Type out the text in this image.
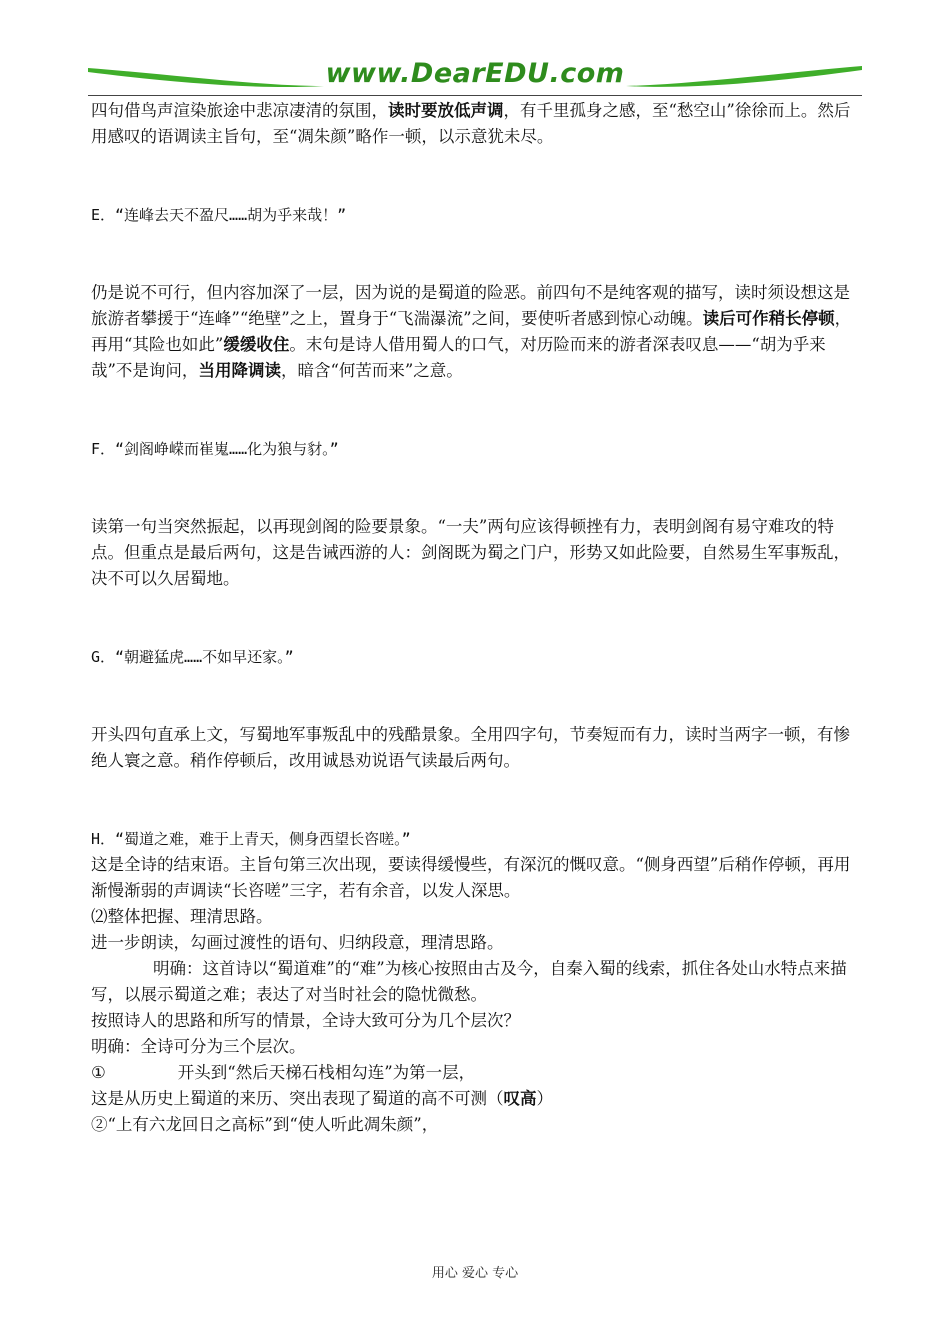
www.DearEDU.com

四句借鸟声渲染旅途中悲凉凄清的氛围，读时要放低声调，有千里孤身之感，至“愁空山”徐徐而上。然后用感叹的语调读主旨句，至“凋朱颜”略作一顿，以示意犹未尽。

E．“连峰去天不盈尺……胡为乎来哉！”

仍是说不可行，但内容加深了一层，因为说的是蜀道的险恶。前四句不是纯客观的描写，读时须设想这是旅游者攀援于“连峰”“绝壁”之上，置身于“飞湍瀑流”之间，要使听者感到惊心动魄。读后可作稍长停顿，再用“其险也如此”缓缓收住。末句是诗人借用蜀人的口气，对历险而来的游者深表叹息——“胡为乎来哉”不是询问，当用降调读，暗含“何苦而来”之意。

F．“剑阁峥嵘而崔嵬……化为狼与豺。”

读第一句当突然振起，以再现剑阁的险要景象。“一夫”两句应该得顿挫有力，表明剑阁有易守难攻的特点。但重点是最后两句，这是告诫西游的人：剑阁既为蜀之门户，形势又如此险要，自然易生军事叛乱，决不可以久居蜀地。

G．“朝避猛虎……不如早还家。”

开头四句直承上文，写蜀地军事叛乱中的残酷景象。全用四字句，节奏短而有力，读时当两字一顿，有惨绝人寰之意。稍作停顿后，改用诚恳劝说语气读最后两句。

H．“蜀道之难，难于上青天，侧身西望长咨嗟。”

这是全诗的结束语。主旨句第三次出现，要读得缓慢些，有深沉的慨叹意。“侧身西望”后稍作停顿，再用渐慢渐弱的声调读“长咨嗟”三字，若有余音，以发人深思。

⑵整体把握、理清思路。

进一步朗读，勾画过渡性的语句、归纳段意，理清思路。

明确：这首诗以“蜀道难”的“难”为核心按照由古及今，自秦入蜀的线索，抓住各处山水特点来描写，以展示蜀道之难；表达了对当时社会的隐忧微愁。

按照诗人的思路和所写的情景，全诗大致可分为几个层次？

明确：全诗可分为三个层次。

①	开头到“然后天梯石栈相勾连”为第一层，

这是从历史上蜀道的来历、突出表现了蜀道的高不可测（叹高）

②“上有六龙回日之高标”到“使人听此凋朱颜”，

用心 爱心 专心
